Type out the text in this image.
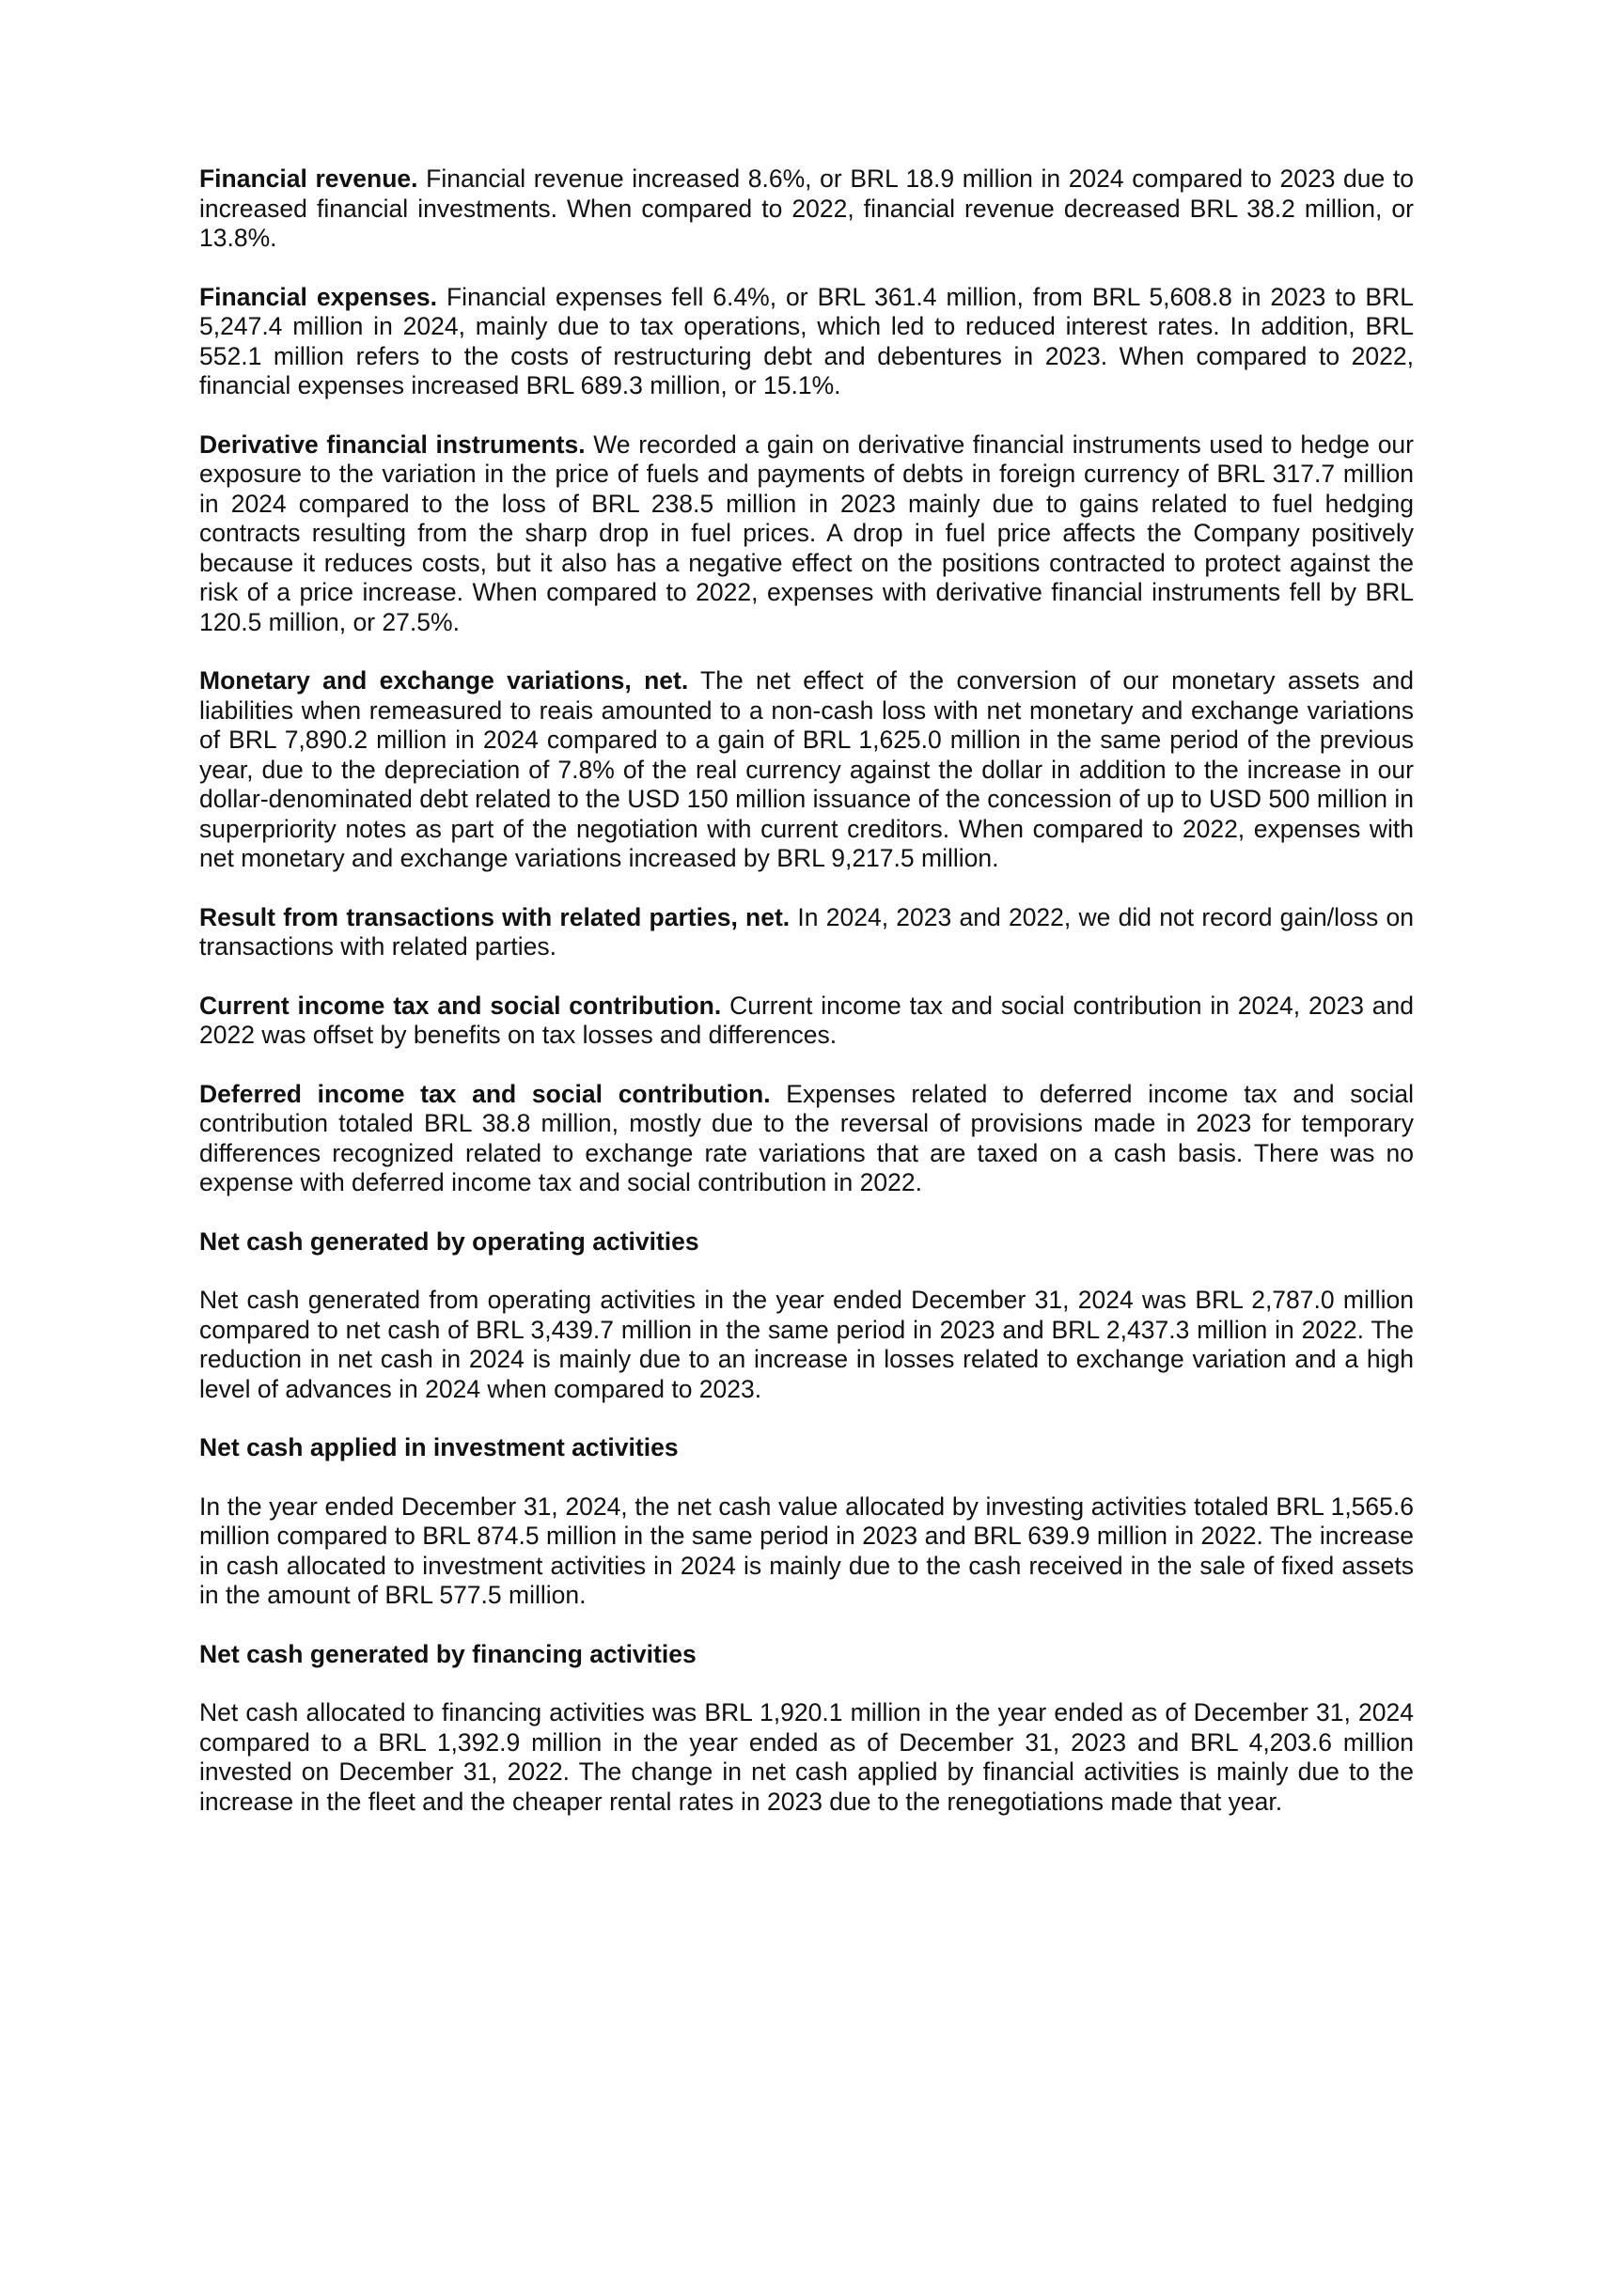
Financial revenue. Financial revenue increased 8.6%, or BRL 18.9 million in 2024 compared to 2023 due to increased financial investments. When compared to 2022, financial revenue decreased BRL 38.2 million, or 13.8%.

Financial expenses. Financial expenses fell 6.4%, or BRL 361.4 million, from BRL 5,608.8 in 2023 to BRL 5,247.4 million in 2024, mainly due to tax operations, which led to reduced interest rates. In addition, BRL 552.1 million refers to the costs of restructuring debt and debentures in 2023. When compared to 2022, financial expenses increased BRL 689.3 million, or 15.1%.

Derivative financial instruments. We recorded a gain on derivative financial instruments used to hedge our exposure to the variation in the price of fuels and payments of debts in foreign currency of BRL 317.7 million in 2024 compared to the loss of BRL 238.5 million in 2023 mainly due to gains related to fuel hedging contracts resulting from the sharp drop in fuel prices. A drop in fuel price affects the Company positively because it reduces costs, but it also has a negative effect on the positions contracted to protect against the risk of a price increase. When compared to 2022, expenses with derivative financial instruments fell by BRL 120.5 million, or 27.5%.

Monetary and exchange variations, net. The net effect of the conversion of our monetary assets and liabilities when remeasured to reais amounted to a non-cash loss with net monetary and exchange variations of BRL 7,890.2 million in 2024 compared to a gain of BRL 1,625.0 million in the same period of the previous year, due to the depreciation of 7.8% of the real currency against the dollar in addition to the increase in our dollar-denominated debt related to the USD 150 million issuance of the concession of up to USD 500 million in superpriority notes as part of the negotiation with current creditors. When compared to 2022, expenses with net monetary and exchange variations increased by BRL 9,217.5 million.

Result from transactions with related parties, net. In 2024, 2023 and 2022, we did not record gain/loss on transactions with related parties.

Current income tax and social contribution. Current income tax and social contribution in 2024, 2023 and 2022 was offset by benefits on tax losses and differences.

Deferred income tax and social contribution. Expenses related to deferred income tax and social contribution totaled BRL 38.8 million, mostly due to the reversal of provisions made in 2023 for temporary differences recognized related to exchange rate variations that are taxed on a cash basis. There was no expense with deferred income tax and social contribution in 2022.

Net cash generated by operating activities

Net cash generated from operating activities in the year ended December 31, 2024 was BRL 2,787.0 million compared to net cash of BRL 3,439.7 million in the same period in 2023 and BRL 2,437.3 million in 2022. The reduction in net cash in 2024 is mainly due to an increase in losses related to exchange variation and a high level of advances in 2024 when compared to 2023.

Net cash applied in investment activities

In the year ended December 31, 2024, the net cash value allocated by investing activities totaled BRL 1,565.6 million compared to BRL 874.5 million in the same period in 2023 and BRL 639.9 million in 2022. The increase in cash allocated to investment activities in 2024 is mainly due to the cash received in the sale of fixed assets in the amount of BRL 577.5 million.

Net cash generated by financing activities

Net cash allocated to financing activities was BRL 1,920.1 million in the year ended as of December 31, 2024 compared to a BRL 1,392.9 million in the year ended as of December 31, 2023 and BRL 4,203.6 million invested on December 31, 2022. The change in net cash applied by financial activities is mainly due to the increase in the fleet and the cheaper rental rates in 2023 due to the renegotiations made that year.
